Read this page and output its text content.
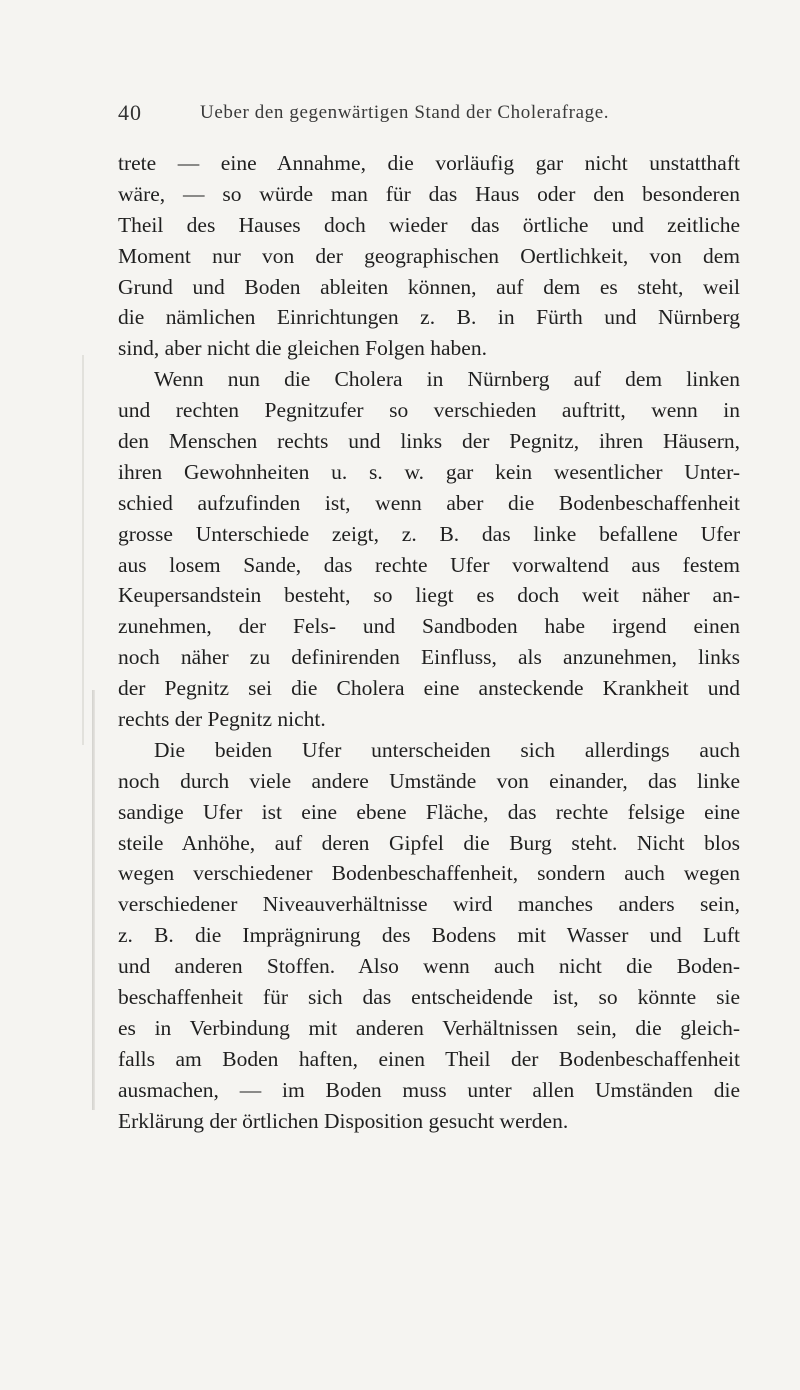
40	Ueber den gegenwärtigen Stand der Cholerafrage.
trete — eine Annahme, die vorläufig gar nicht unstatthaft
wäre, — so würde man für das Haus oder den besonderen
Theil des Hauses doch wieder das örtliche und zeitliche
Moment nur von der geographischen Oertlichkeit, von dem
Grund und Boden ableiten können, auf dem es steht, weil
die nämlichen Einrichtungen z. B. in Fürth und Nürnberg
sind, aber nicht die gleichen Folgen haben.
Wenn nun die Cholera in Nürnberg auf dem linken
und rechten Pegnitzufer so verschieden auftritt, wenn in
den Menschen rechts und links der Pegnitz, ihren Häusern,
ihren Gewohnheiten u. s. w. gar kein wesentlicher Unter-
schied aufzufinden ist, wenn aber die Bodenbeschaffenheit
grosse Unterschiede zeigt, z. B. das linke befallene Ufer
aus losem Sande, das rechte Ufer vorwaltend aus festem
Keupersandstein besteht, so liegt es doch weit näher an-
zunehmen, der Fels- und Sandboden habe irgend einen
noch näher zu definirenden Einfluss, als anzunehmen, links
der Pegnitz sei die Cholera eine ansteckende Krankheit und
rechts der Pegnitz nicht.
Die beiden Ufer unterscheiden sich allerdings auch
noch durch viele andere Umstände von einander, das linke
sandige Ufer ist eine ebene Fläche, das rechte felsige eine
steile Anhöhe, auf deren Gipfel die Burg steht. Nicht blos
wegen verschiedener Bodenbeschaffenheit, sondern auch wegen
verschiedener Niveauverhältnisse wird manches anders sein,
z. B. die Imprägnirung des Bodens mit Wasser und Luft
und anderen Stoffen. Also wenn auch nicht die Boden-
beschaffenheit für sich das entscheidende ist, so könnte sie
es in Verbindung mit anderen Verhältnissen sein, die gleich-
falls am Boden haften, einen Theil der Bodenbeschaffenheit
ausmachen, — im Boden muss unter allen Umständen die
Erklärung der örtlichen Disposition gesucht werden.
